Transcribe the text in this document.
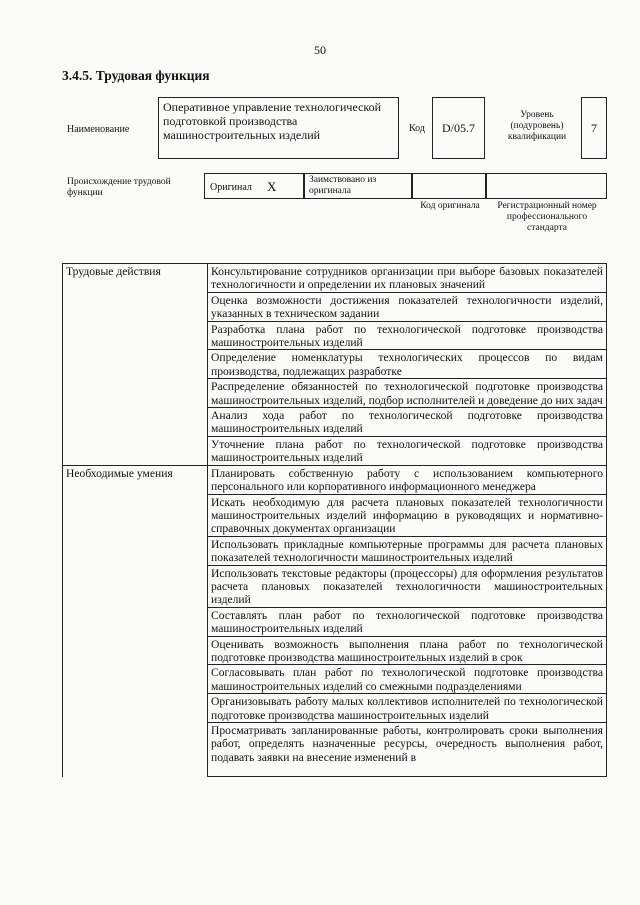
50
3.4.5. Трудовая функция
Наименование
Оперативное управление технологической подготовкой производства машиностроительных изделий	Код	D/05.7
Уровень (подуровень) квалификации
7
Происхождение трудовой функции	Оригинал X	Заимствовано из оригинала
Код оригинала	Регистрационный номер профессионального стандарта
Трудовые действия	Консультирование сотрудников организации при выборе базовых показателей технологичности и определении их плановых значений
	Оценка возможности достижения показателей технологичности изделий, указанных в техническом задании
	Разработка плана работ по технологической подготовке производства машиностроительных изделий
	Определение номенклатуры технологических процессов по видам производства, подлежащих разработке
	Распределение обязанностей по технологической подготовке производства машиностроительных изделий, подбор исполнителей и доведение до них задач
	Анализ хода работ по технологической подготовке производства машиностроительных изделий
	Уточнение плана работ по технологической подготовке производства машиностроительных изделий
Необходимые умения	Планировать собственную работу с использованием компьютерного персонального или корпоративного информационного менеджера
	Искать необходимую для расчета плановых показателей технологичности машиностроительных изделий информацию в руководящих и нормативно-справочных документах организации
	Использовать прикладные компьютерные программы для расчета плановых показателей технологичности машиностроительных изделий
	Использовать текстовые редакторы (процессоры) для оформления результатов расчета плановых показателей технологичности машиностроительных изделий
	Составлять план работ по технологической подготовке производства машиностроительных изделий
	Оценивать возможность выполнения плана работ по технологической подготовке производства машиностроительных изделий в срок
	Согласовывать план работ по технологической подготовке производства машиностроительных изделий со смежными подразделениями
	Организовывать работу малых коллективов исполнителей по технологической подготовке производства машиностроительных изделий
	Просматривать запланированные работы, контролировать сроки выполнения работ, определять назначенные ресурсы, очередность выполнения работ, подавать заявки на внесение изменений в
